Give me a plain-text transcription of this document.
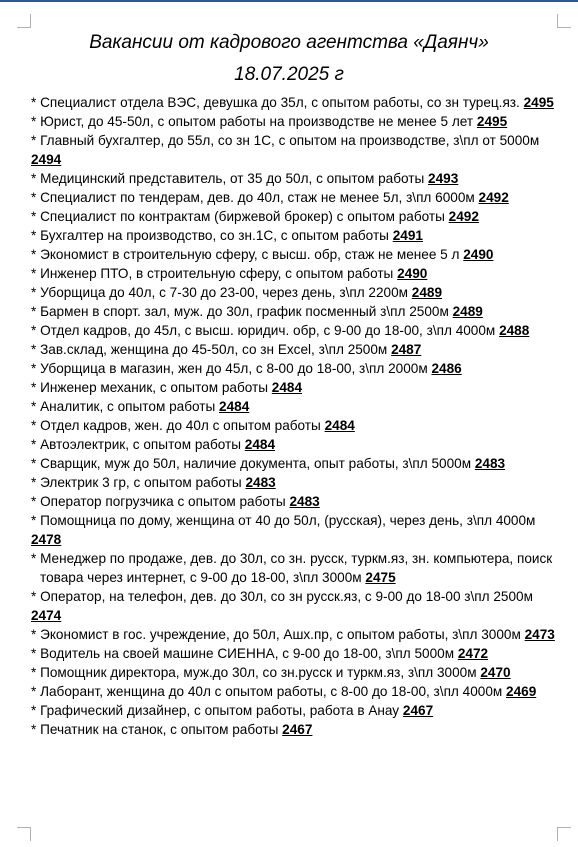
Вакансии от кадрового агентства «Даянч»
18.07.2025 г

* Специалист отдела ВЭС, девушка до 35л, с опытом работы, со зн турец.яз. 2495

* Юрист, до 45-50л, с опытом работы на производстве не менее 5 лет 2495

* Главный бухгалтер, до 55л, со зн 1С, с опытом на производстве, з\пл от 5000м 2494

* Медицинский представитель, от 35 до 50л, с опытом работы 2493

* Специалист по тендерам, дев. до 40л, стаж не менее 5л, з\пл 6000м 2492

* Специалист по контрактам (биржевой брокер) с опытом работы 2492

* Бухгалтер на производство, со зн.1С, с опытом работы 2491

* Экономист в строительную сферу, с высш. обр, стаж не менее 5 л 2490

* Инженер ПТО, в строительную сферу, с опытом работы 2490

* Уборщица до 40л, с 7-30 до 23-00, через день, з\пл 2200м 2489

* Бармен в спорт. зал, муж. до 30л, график посменный з\пл 2500м 2489

* Отдел кадров, до 45л, с высш. юридич. обр, с 9-00 до 18-00, з\пл 4000м 2488

* Зав.склад, женщина до 45-50л, со зн Excel, з\пл 2500м 2487

* Уборщица в магазин, жен до 45л, с 8-00 до 18-00, з\пл 2000м 2486

* Инженер механик, с опытом работы 2484

* Аналитик, с опытом работы 2484

* Отдел кадров, жен. до 40л с опытом работы 2484

* Автоэлектрик, с опытом работы 2484

* Сварщик, муж до 50л, наличие документа, опыт работы, з\пл 5000м 2483

* Электрик 3 гр, с опытом работы 2483

* Оператор погрузчика с опытом работы 2483

* Помощница по дому, женщина от 40 до 50л, (русская), через день, з\пл 4000м 2478

* Менеджер по продаже, дев. до 30л, со зн. русск, туркм.яз, зн. компьютера, поиск

товара через интернет, с 9-00 до 18-00, з\пл 3000м 2475

* Оператор, на телефон, дев. до 30л, со зн русск.яз, с 9-00 до 18-00 з\пл 2500м 2474

* Экономист в гос. учреждение, до 50л, Ашх.пр, с опытом работы, з\пл 3000м 2473

* Водитель на своей машине СИЕННА, с 9-00 до 18-00, з\пл 5000м 2472

* Помощник директора, муж.до 30л, со зн.русск и туркм.яз, з\пл 3000м 2470

* Лаборант, женщина до 40л с опытом работы, с 8-00 до 18-00, з\пл 4000м 2469

* Графический дизайнер, с опытом работы, работа в Анау 2467

* Печатник на станок, с опытом работы 2467
